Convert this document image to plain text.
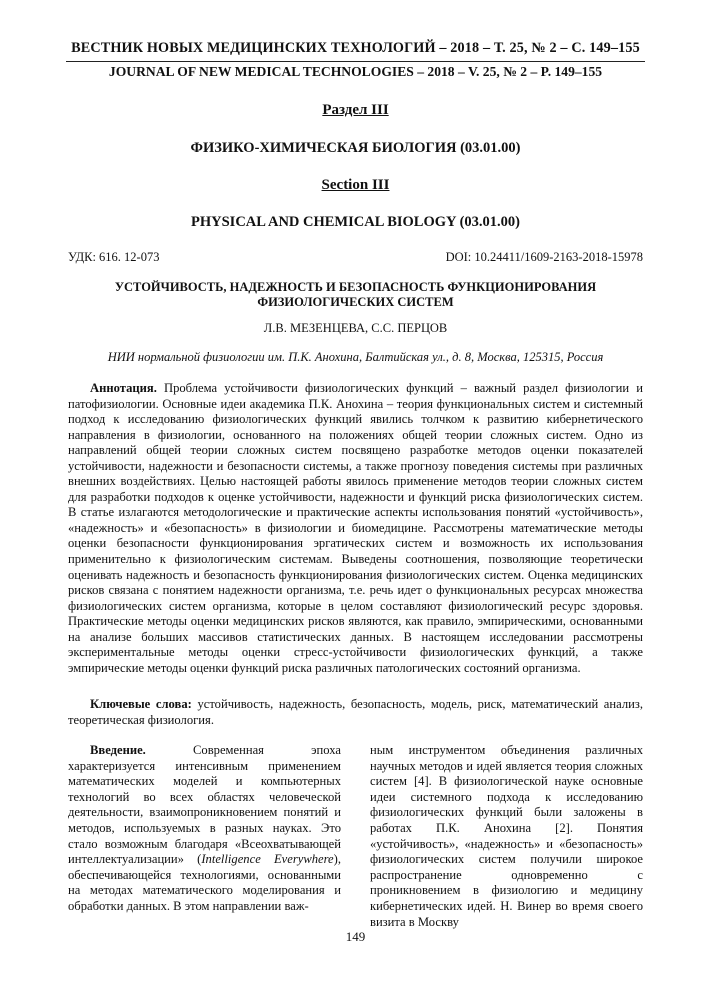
ВЕСТНИК НОВЫХ МЕДИЦИНСКИХ ТЕХНОЛОГИЙ – 2018 – Т. 25, № 2 – С. 149–155
JOURNAL OF NEW MEDICAL TECHNOLOGIES – 2018 – V. 25, № 2 – P. 149–155
Раздел III
ФИЗИКО-ХИМИЧЕСКАЯ БИОЛОГИЯ (03.01.00)
Section III
PHYSICAL AND CHEMICAL BIOLOGY (03.01.00)
УДК: 616. 12-073	DOI: 10.24411/1609-2163-2018-15978
УСТОЙЧИВОСТЬ, НАДЕЖНОСТЬ И БЕЗОПАСНОСТЬ ФУНКЦИОНИРОВАНИЯ
ФИЗИОЛОГИЧЕСКИХ СИСТЕМ
Л.В. МЕЗЕНЦЕВА, С.С. ПЕРЦОВ
НИИ нормальной физиологии им. П.К. Анохина, Балтийская ул., д. 8, Москва, 125315, Россия

Аннотация. Проблема устойчивости физиологических функций – важный раздел физиологии и патофизиологии. Основные идеи академика П.К. Анохина – теория функциональных систем и системный подход к исследованию физиологических функций явились толчком к развитию кибернетического направления в физиологии, основанного на положениях общей теории сложных систем. Одно из направлений общей теории сложных систем посвящено разработке методов оценки показателей устойчивости, надежности и безопасности системы, а также прогнозу поведения системы при различных внешних воздействиях. Целью настоящей работы явилось применение методов теории сложных систем для разработки подходов к оценке устойчивости, надежности и функций риска физиологических систем. В статье излагаются методологические и практические аспекты использования понятий «устойчивость», «надежность» и «безопасность» в физиологии и биомедицине. Рассмотрены математические методы оценки безопасности функционирования эргатических систем и возможность их использования применительно к физиологическим системам. Выведены соотношения, позволяющие теоретически оценивать надежность и безопасность функционирования физиологических систем. Оценка медицинских рисков связана с понятием надежности организма, т.е. речь идет о функциональных ресурсах множества физиологических систем организма, которые в целом составляют физиологический ресурс здоровья. Практические методы оценки медицинских рисков являются, как правило, эмпирическими, основанными на анализе больших массивов статистических данных. В настоящем исследовании рассмотрены экспериментальные методы оценки стресс-устойчивости физиологических функций, а также эмпирические методы оценки функций риска различных патологических состояний организма.

Ключевые слова: устойчивость, надежность, безопасность, модель, риск, математический анализ, теоретическая физиология.

Введение. Современная эпоха характеризуется интенсивным применением математических моделей и компьютерных технологий во всех областях человеческой деятельности, взаимопроникновением понятий и методов, используемых в разных науках. Это стало возможным благодаря «Всеохватывающей интеллектуализации» (Intelligence Everywhere), обеспечивающейся технологиями, основанными на методах математического моделирования и обработки данных. В этом направлении важ-

ным инструментом объединения различных научных методов и идей является теория сложных систем [4]. В физиологической науке основные идеи системного подхода к исследованию физиологических функций были заложены в работах П.К. Анохина [2]. Понятия «устойчивость», «надежность» и «безопасность» физиологических систем получили широкое распространение одновременно с проникновением в физиологию и медицину кибернетических идей. Н. Винер во время своего визита в Москву

149
